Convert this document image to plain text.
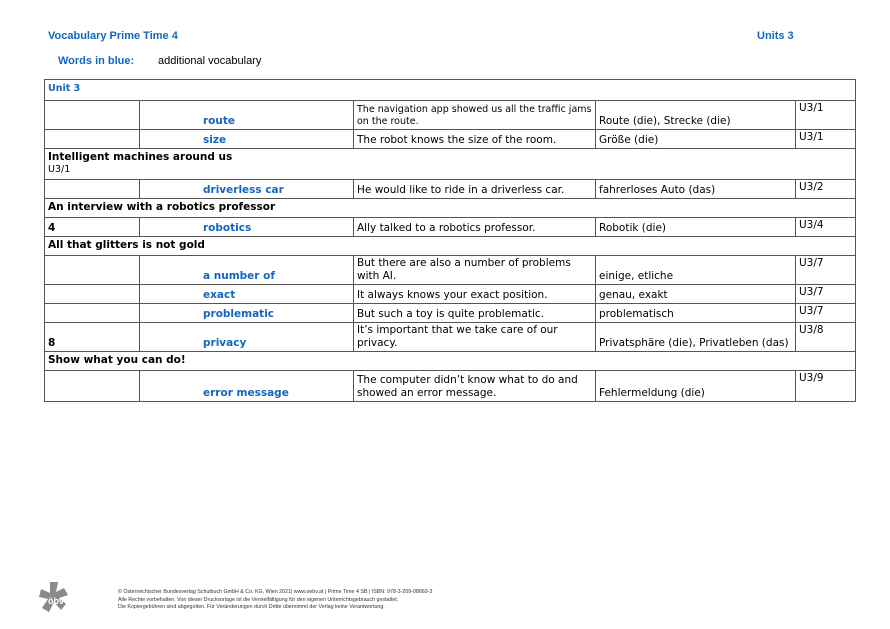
Vocabulary Prime Time 4	Units 3
Words in blue: additional vocabulary
Unit 3				
	route	The navigation app showed us all the traffic jams on the route.	Route (die), Strecke (die)	U3/1
	size	The robot knows the size of the room.	Größe (die)	U3/1
Intelligent machines around us
U3/1				

	driverless car	He would like to ride in a driverless car.	fahrerloses Auto (das)	U3/2
An interview with a robotics professor				
4	robotics	Ally talked to a robotics professor.	Robotik (die)	U3/4
All that glitters is not gold				
	a number of	But there are also a number of problems with AI.	einige, etliche	U3/7
	exact	It always knows your exact position.	genau, exakt	U3/7
	problematic	But such a toy is quite problematic.	problematisch	U3/7
8	privacy	It’s important that we take care of our privacy.	Privatsphäre (die), Privatleben (das)	U3/8
Show what you can do!				
	error message	The computer didn’t know what to do and showed an error message.	Fehlermeldung (die)	U3/9
öbv
© Österreichischer Bundesverlag Schulbuch GmbH & Co. KG, Wien 2021| www.oebv.at | Prime Time 4 SB | ISBN: 978-3-209-08669-3
Alle Rechte vorbehalten. Von dieser Druckvorlage ist die Vervielfältigung für den eigenen Unterrichtsgebrauch gestattet.
Die Kopiergebühren sind abgegolten. Für Veränderungen durch Dritte übernimmt der Verlag keine Verantwortung.
